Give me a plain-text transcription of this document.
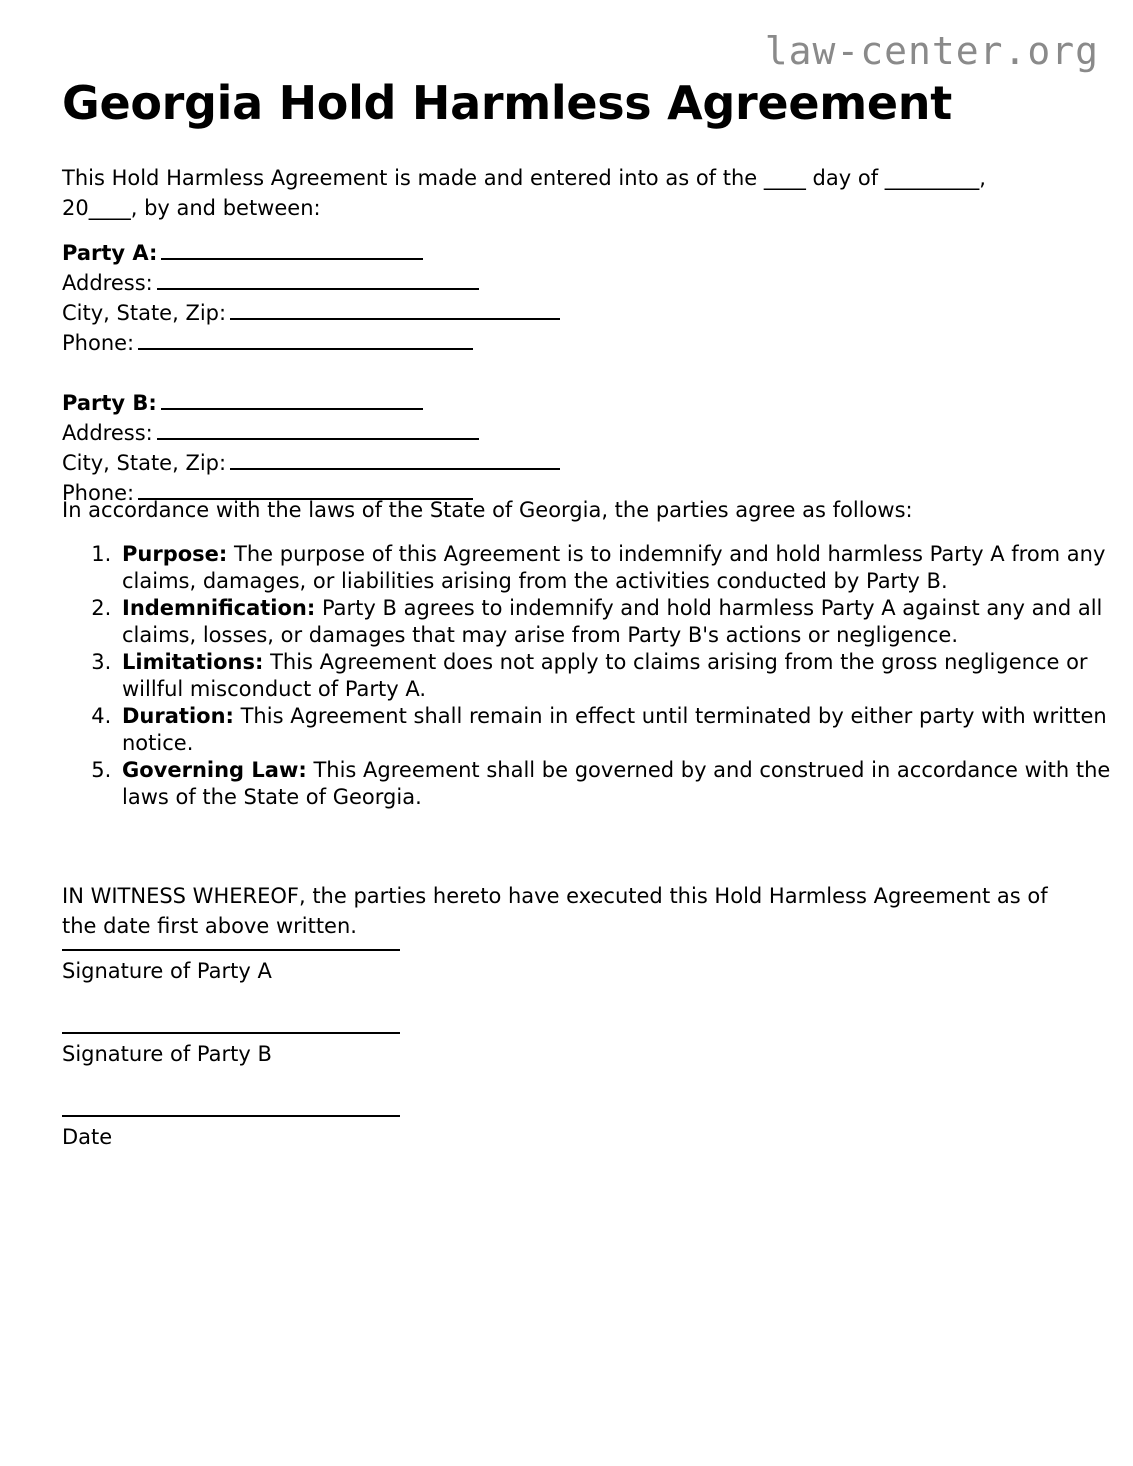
law-center.org
Georgia Hold Harmless Agreement
This Hold Harmless Agreement is made and entered into as of the ____ day of _________,
20____, by and between:
Party A:
Address:
City, State, Zip:
Phone:
Party B:
Address:
City, State, Zip:
Phone:
In accordance with the laws of the State of Georgia, the parties agree as follows:
1. Purpose: The purpose of this Agreement is to indemnify and hold harmless Party A from any claims, damages, or liabilities arising from the activities conducted by Party B.
2. Indemnification: Party B agrees to indemnify and hold harmless Party A against any and all claims, losses, or damages that may arise from Party B's actions or negligence.
3. Limitations: This Agreement does not apply to claims arising from the gross negligence or willful misconduct of Party A.
4. Duration: This Agreement shall remain in effect until terminated by either party with written notice.
5. Governing Law: This Agreement shall be governed by and construed in accordance with the laws of the State of Georgia.
IN WITNESS WHEREOF, the parties hereto have executed this Hold Harmless Agreement as of the date first above written.
Signature of Party A
Signature of Party B
Date
